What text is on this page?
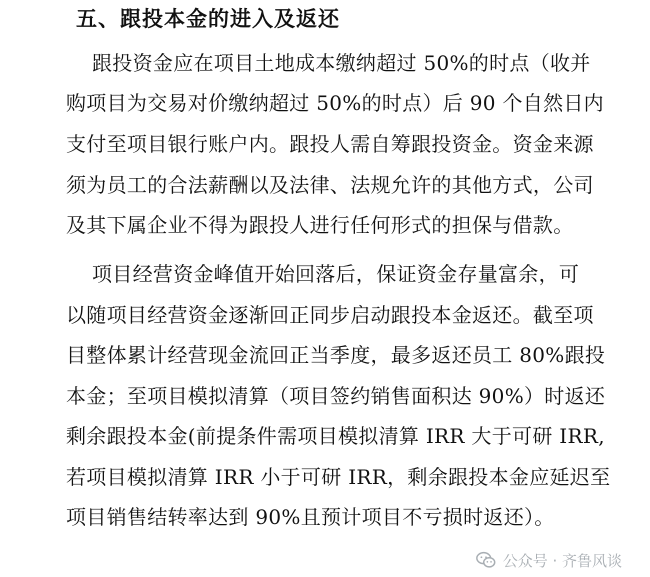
五、跟投本金的进入及返还
跟投资金应在项目土地成本缴纳超过 50%的时点（收并
购项目为交易对价缴纳超过 50%的时点）后 90 个自然日内
支付至项目银行账户内。跟投人需自筹跟投资金。资金来源
须为员工的合法薪酬以及法律、法规允许的其他方式，公司
及其下属企业不得为跟投人进行任何形式的担保与借款。
项目经营资金峰值开始回落后，保证资金存量富余，可
以随项目经营资金逐渐回正同步启动跟投本金返还。截至项
目整体累计经营现金流回正当季度，最多返还员工 80%跟投
本金；至项目模拟清算（项目签约销售面积达 90%）时返还
剩余跟投本金(前提条件需项目模拟清算 IRR 大于可研 IRR,
若项目模拟清算 IRR 小于可研 IRR，剩余跟投本金应延迟至
项目销售结转率达到 90%且预计项目不亏损时返还）。
公众号 · 齐鲁风谈
